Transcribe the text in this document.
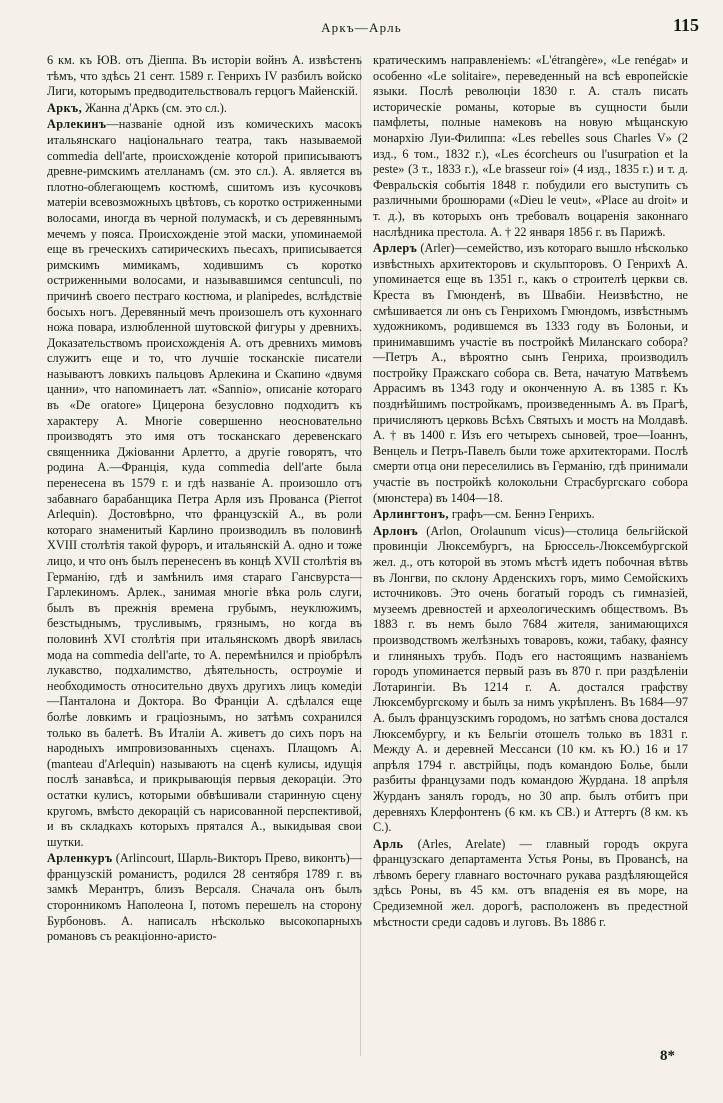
Аркъ—Арль	115

6 км. къ ЮВ. отъ Діеппа. Въ исторіи войнъ А. извѣстенъ тѣмъ, что здѣсь 21 сент. 1589 г. Генрихъ IV разбилъ войско Лиги, которымъ предводительствовалъ герцогъ Майенскій.

Аркъ, Жанна д'Аркъ (см. это сл.).

Арлекинъ—названіе одной изъ комическихъ масокъ итальянскаго національнаго театра, такъ называемой commedia dell'arte, происхожденіе которой приписываютъ древне-римскимъ ателланамъ (см. это сл.). А. является въ плотно-облегающемъ костюмѣ, сшитомъ изъ кусочковъ матеріи всевозможныхъ цвѣтовъ, съ коротко остриженными волосами, иногда въ черной полумаскѣ, и съ деревяннымъ мечемъ у пояса. Происхожденіе этой маски, упоминаемой еще въ греческихъ сатирическихъ пьесахъ, приписывается римскимъ мимикамъ, ходившимъ съ коротко остриженными волосами, и называвшимся centunculi, по причинѣ своего пестраго костюма, и planipedes, вслѣдствіе босыхъ ногъ. Деревянный мечъ произошелъ отъ кухоннаго ножа повара, излюбленной шутовской фигуры у древнихъ. Доказательствомъ происхожденія А. отъ древнихъ мимовъ служитъ еще и то, что лучшіе тосканскіе писатели называютъ ловкихъ пальцовъ Арлекина и Скапино «двумя цанни», что напоминаетъ лат. «Sannio», описаніе котораго въ «De oratore» Цицерона безусловно подходитъ къ характеру А. Многіе совершенно неосновательно производятъ это имя отъ тосканскаго деревенскаго священника Джіованни Арлетто, а другіе говорятъ, что родина А.—Франція, куда commedia dell'arte была перенесена въ 1579 г. и гдѣ названіе А. произошло отъ забавнаго барабанщика Петра Арля изъ Прованса (Pierrot Arlequin). Достовѣрно, что французскій А., въ роли котораго знаменитый Карлино производилъ въ половинѣ XVIII столѣтія такой фуроръ, и итальянскій А. одно и тоже лицо, и что онъ былъ перенесенъ въ концѣ XVII столѣтія въ Германію, гдѣ и замѣнилъ имя стараго Гансвурста—Гарлекиномъ. Арлек., занимая многіе вѣка роль слуги, былъ въ прежнія времена грубымъ, неуклюжимъ, безстыднымъ, трусливымъ, грязнымъ, но когда въ половинѣ XVI столѣтія при итальянскомъ дворѣ явилась мода на commedia dell'arte, то А. перемѣнился и пріобрѣлъ лукавство, подхалимство, дѣятельность, остроуміе и необходимость относительно двухъ другихъ лицъ комедіи—Панталона и Доктора. Во Франціи А. сдѣлался еще болѣе ловкимъ и граціознымъ, но затѣмъ сохранился только въ балетѣ. Въ Италіи А. живетъ до сихъ поръ на народныхъ импровизованныхъ сценахъ. Плащомъ А. (manteau d'Arlequin) называютъ на сценѣ кулисы, идущія послѣ занавѣса, и прикрывающія первыя декораціи. Это остатки кулисъ, которыми обвѣшивали старинную сцену кругомъ, вмѣсто декорацій съ нарисованной перспективой, и въ складкахъ которыхъ прятался А., выкидывая свои шутки.

Арленкуръ (Arlincourt, Шарль-Викторъ Прево, виконтъ)—французскій романистъ, родился 28 сентября 1789 г. въ замкѣ Мерантръ, близъ Версаля. Сначала онъ былъ сторонникомъ Наполеона I, потомъ перешелъ на сторону Бурбоновъ. А. написалъ нѣсколько высокопарныхъ романовъ съ реакціонно-аристо-

кратическимъ направленіемъ: «L'étrangère», «Le renégat» и особенно «Le solitaire», переведенный на всѣ европейскіе языки. Послѣ революціи 1830 г. А. сталъ писать историческіе романы, которые въ сущности были памфлеты, полные намековъ на новую мѣщанскую монархію Луи-Филиппа: «Les rebelles sous Charles V» (2 изд., 6 том., 1832 г.), «Les écorcheurs ou l'usurpation et la peste» (3 т., 1833 г.), «Le brasseur roi» (4 изд., 1835 г.) и т. д. Февральскія событія 1848 г. побудили его выступить съ различными брошюрами («Dieu le veut», «Place au droit» и т. д.), въ которыхъ онъ требовалъ воцаренія законнаго наслѣдника престола. А. † 22 января 1856 г. въ Парижѣ.

Арлеръ (Arler)—семейство, изъ котораго вышло нѣсколько извѣстныхъ архитекторовъ и скульпторовъ. О Генрихѣ А. упоминается еще въ 1351 г., какъ о строителѣ церкви св. Креста въ Гмюнденѣ, въ Швабіи. Неизвѣстно, не смѣшивается ли онъ съ Генрихомъ Гмюндомъ, извѣстнымъ художникомъ, родившемся въ 1333 году въ Болоньи, и принимавшимъ участіе въ постройкѣ Миланскаго собора?—Петръ А., вѣроятно сынъ Генриха, производилъ постройку Пражскаго собора св. Вета, начатую Матвѣемъ Аррасимъ въ 1343 году и оконченную А. въ 1385 г. Къ позднѣйшимъ постройкамъ, произведеннымъ А. въ Прагѣ, причисляютъ церковь Всѣхъ Святыхъ и мостъ на Молдавѣ. А. † въ 1400 г. Изъ его четырехъ сыновей, трое—Іоаннъ, Венцель и Петръ-Павелъ были тоже архитекторами. Послѣ смерти отца они переселились въ Германію, гдѣ принимали участіе въ постройкѣ колокольни Страсбургскаго собора (мюнстера) въ 1404—18.

Арлингтонъ, графъ—см. Беннэ Генрихъ.

Арлонъ (Arlon, Orolaunum vicus)—столица бельгійской провинціи Люксембургъ, на Брюссель-Люксембургской жел. д., отъ которой въ этомъ мѣстѣ идетъ побочная вѣтвь въ Лонгви, по склону Арденскихъ горъ, мимо Семойскихъ источниковъ. Это очень богатый городъ съ гимназіей, музеемъ древностей и археологическимъ обществомъ. Въ 1883 г. въ немъ было 7684 жителя, занимающихся производствомъ желѣзныхъ товаровъ, кожи, табаку, фаянсу и глиняныхъ трубъ. Подъ его настоящимъ названіемъ городъ упоминается первый разъ въ 870 г. при раздѣленіи Лотарингіи. Въ 1214 г. А. достался графству Люксембургскому и былъ за нимъ укрѣпленъ. Въ 1684—97 А. былъ французскимъ городомъ, но затѣмъ снова достался Люксембургу, и къ Бельгіи отошелъ только въ 1831 г. Между А. и деревней Мессанси (10 км. къ Ю.) 16 и 17 апрѣля 1794 г. австрійцы, подъ командою Болье, были разбиты французами подъ командою Журдана. 18 апрѣля Журданъ занялъ городъ, но 30 апр. былъ отбитъ при деревняхъ Клерфонтенъ (6 км. къ СВ.) и Аттертъ (8 км. къ С.).

Арль (Arles, Arelate) — главный городъ округа французскаго департамента Устья Роны, въ Провансѣ, на лѣвомъ берегу главнаго восточнаго рукава раздѣляющейся здѣсь Роны, въ 45 км. отъ впаденія ея въ море, на Средиземной жел. дорогѣ, расположенъ въ предестной мѣстности среди садовъ и луговъ. Въ 1886 г.

8*
